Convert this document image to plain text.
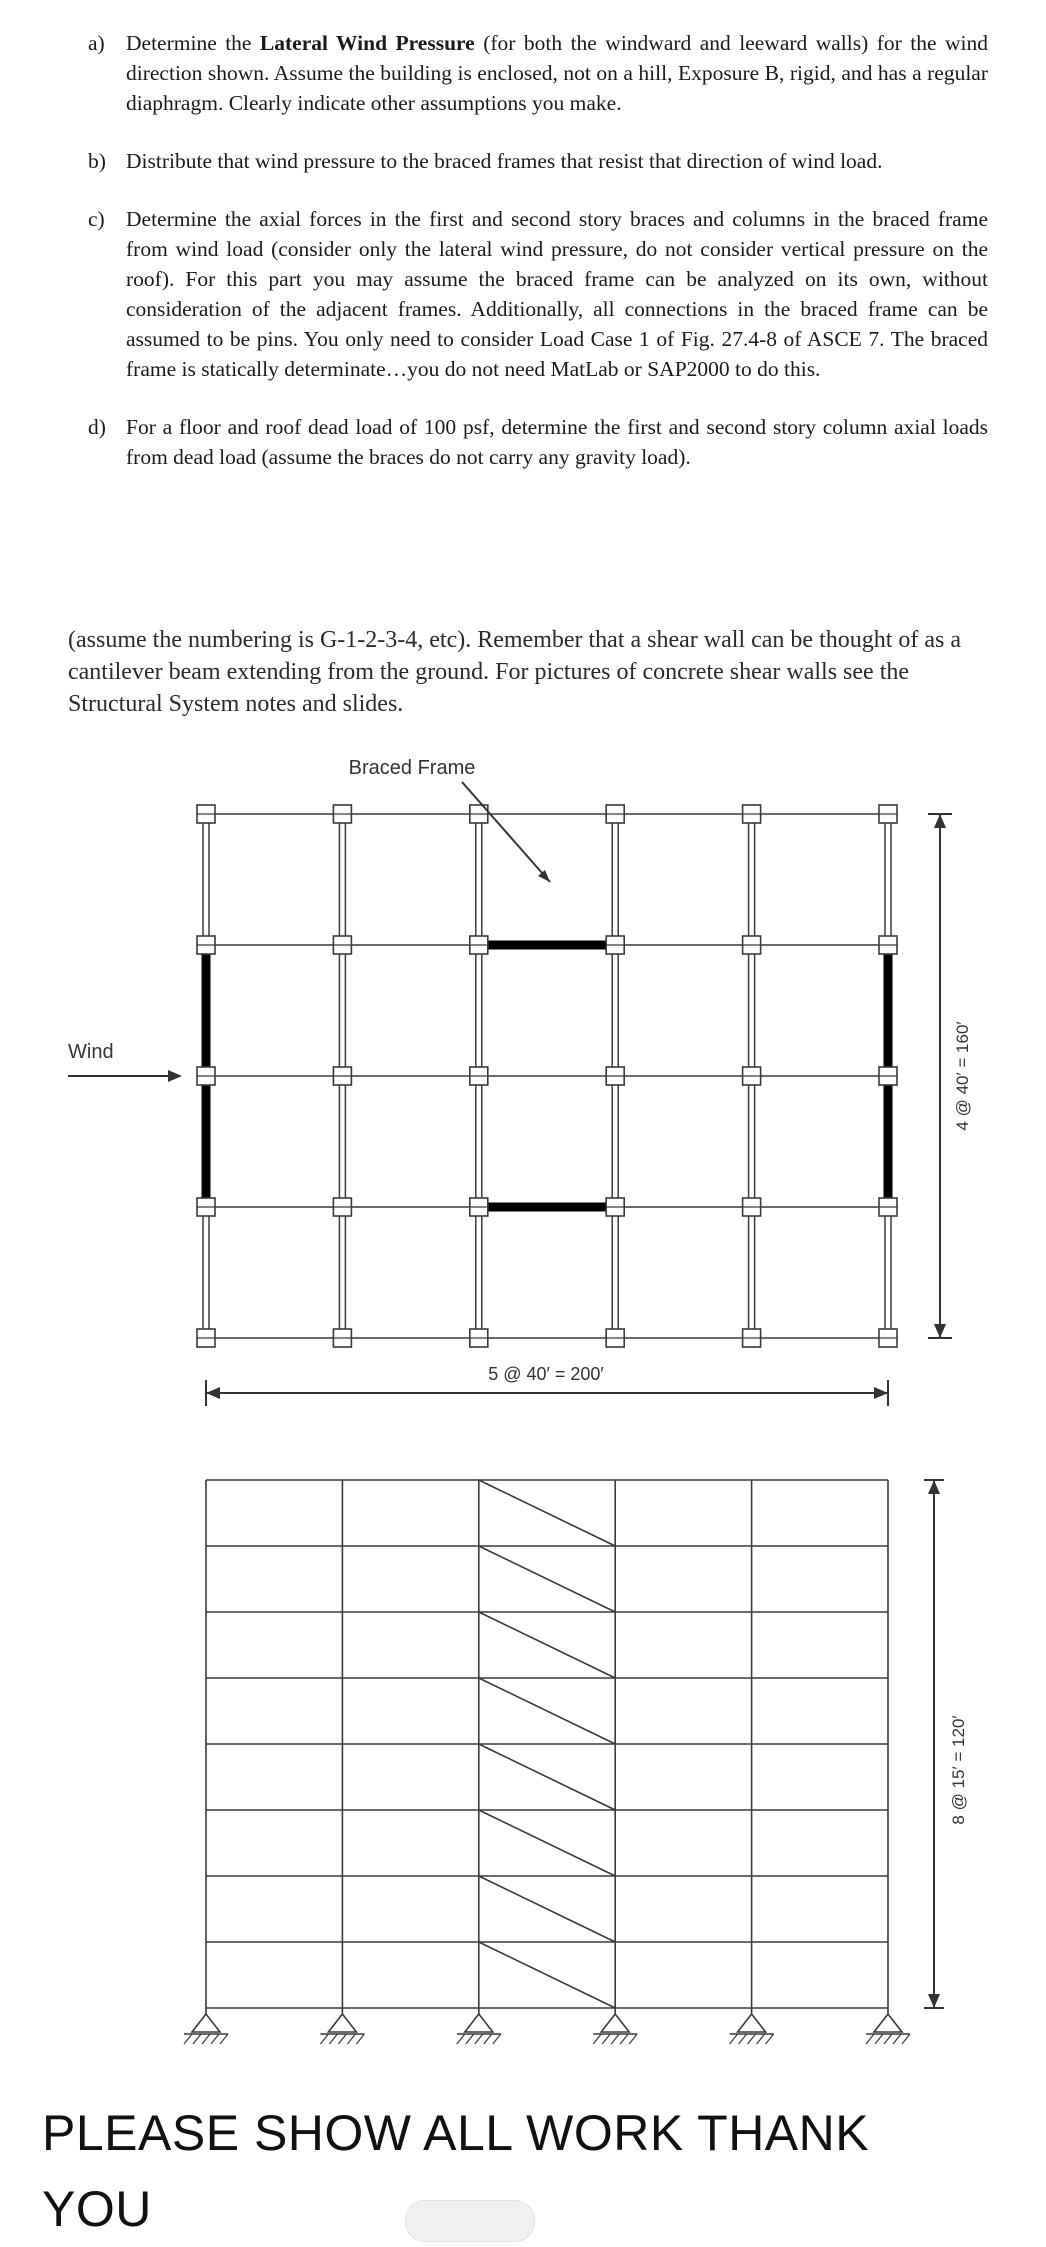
a) Determine the Lateral Wind Pressure (for both the windward and leeward walls) for the wind direction shown. Assume the building is enclosed, not on a hill, Exposure B, rigid, and has a regular diaphragm. Clearly indicate other assumptions you make.
b) Distribute that wind pressure to the braced frames that resist that direction of wind load.
c) Determine the axial forces in the first and second story braces and columns in the braced frame from wind load (consider only the lateral wind pressure, do not consider vertical pressure on the roof). For this part you may assume the braced frame can be analyzed on its own, without consideration of the adjacent frames. Additionally, all connections in the braced frame can be assumed to be pins. You only need to consider Load Case 1 of Fig. 27.4-8 of ASCE 7. The braced frame is statically determinate…you do not need MatLab or SAP2000 to do this.
d) For a floor and roof dead load of 100 psf, determine the first and second story column axial loads from dead load (assume the braces do not carry any gravity load).
(assume the numbering is G-1-2-3-4, etc). Remember that a shear wall can be thought of as a cantilever beam extending from the ground. For pictures of concrete shear walls see the Structural System notes and slides.
Braced Frame
Wind
5 @ 40′ = 200′
4 @ 40′ = 160′
8 @ 15′ = 120′
PLEASE SHOW ALL WORK THANK YOU
